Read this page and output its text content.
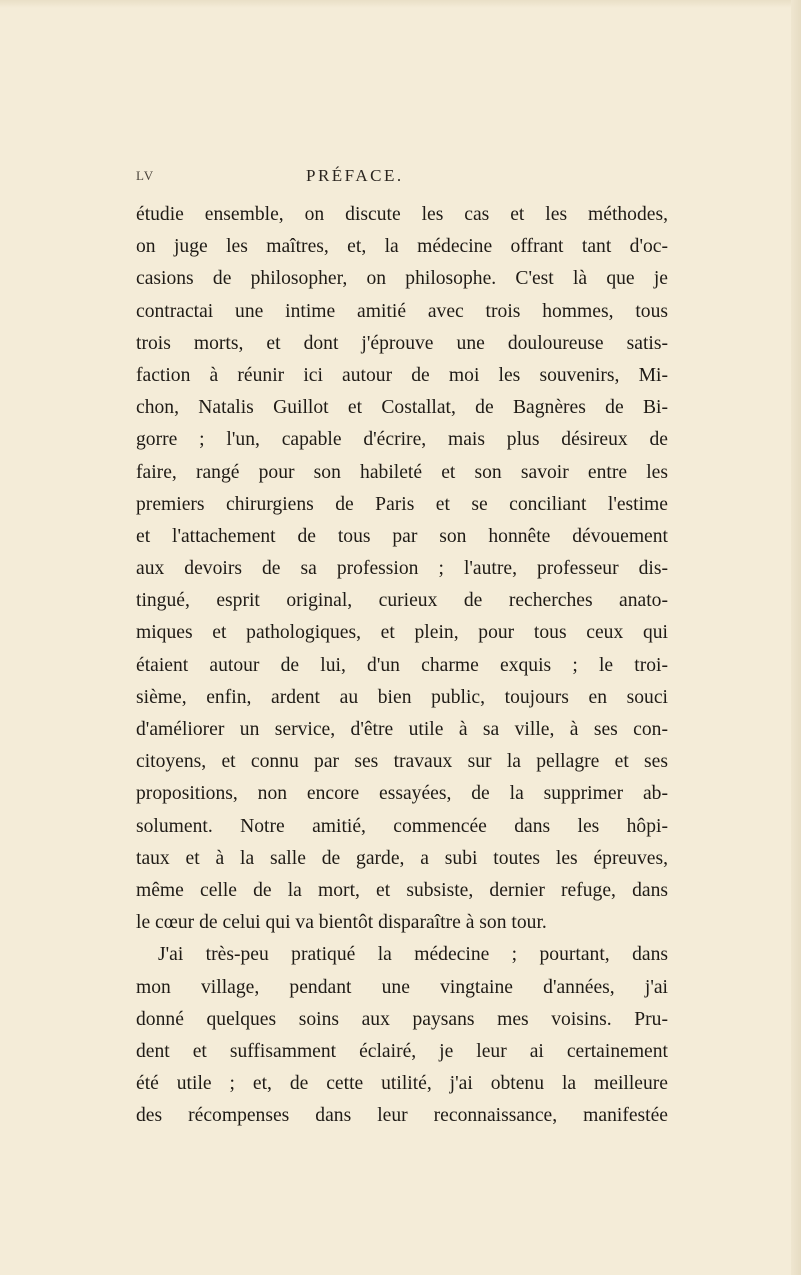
LV	PRÉFACE.
étudie ensemble, on discute les cas et les méthodes,
on juge les maîtres, et, la médecine offrant tant d'oc-
casions de philosopher, on philosophe. C'est là que je
contractai une intime amitié avec trois hommes, tous
trois morts, et dont j'éprouve une douloureuse satis-
faction à réunir ici autour de moi les souvenirs, Mi-
chon, Natalis Guillot et Costallat, de Bagnères de Bi-
gorre ; l'un, capable d'écrire, mais plus désireux de
faire, rangé pour son habileté et son savoir entre les
premiers chirurgiens de Paris et se conciliant l'estime
et l'attachement de tous par son honnête dévouement
aux devoirs de sa profession ; l'autre, professeur dis-
tingué, esprit original, curieux de recherches anato-
miques et pathologiques, et plein, pour tous ceux qui
étaient autour de lui, d'un charme exquis ; le troi-
sième, enfin, ardent au bien public, toujours en souci
d'améliorer un service, d'être utile à sa ville, à ses con-
citoyens, et connu par ses travaux sur la pellagre et ses
propositions, non encore essayées, de la supprimer ab-
solument. Notre amitié, commencée dans les hôpi-
taux et à la salle de garde, a subi toutes les épreuves,
même celle de la mort, et subsiste, dernier refuge, dans
le cœur de celui qui va bientôt disparaître à son tour.
J'ai très-peu pratiqué la médecine ; pourtant, dans
mon village, pendant une vingtaine d'années, j'ai
donné quelques soins aux paysans mes voisins. Pru-
dent et suffisamment éclairé, je leur ai certainement
été utile ; et, de cette utilité, j'ai obtenu la meilleure
des récompenses dans leur reconnaissance, manifestée
